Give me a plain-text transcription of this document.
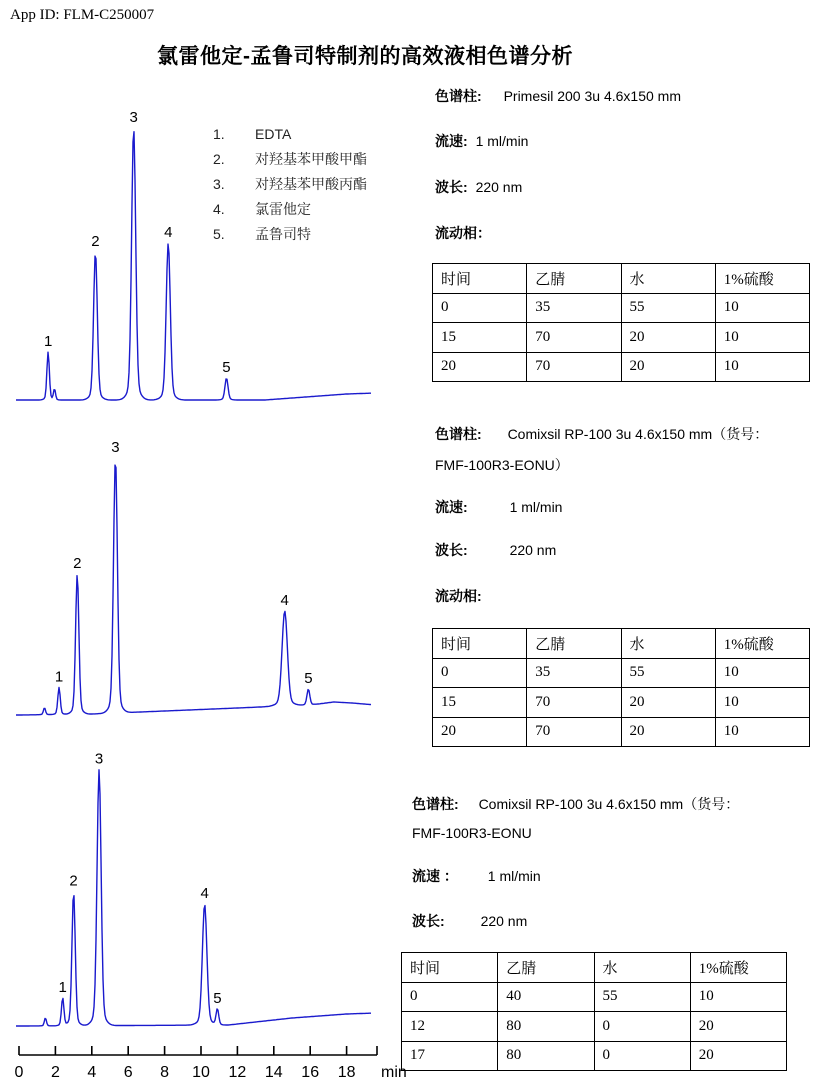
App ID: FLM-C250007
氯雷他定-孟鲁司特制剂的高效液相色谱分析
1.	EDTA
2.	对羟基苯甲酸甲酯
3.	对羟基苯甲酸丙酯
4.	氯雷他定
5.	孟鲁司特
1
2
3
4
5
1
2
3
4
5
1
2
3
4
5
0 2 4 6 8 10 12 14 16 18 min
色谱柱: Primesil 200 3u 4.6x150 mm
流速: 1 ml/min
波长: 220 nm
流动相：
时间	乙腈	水	1%硫酸
0	35	55	10
15	70	20	10
20	70	20	10
色谱柱: Comixsil RP-100 3u 4.6x150 mm（货号：
FMF-100R3-EONU）
流速:	1 ml/min
波长:	220 nm
流动相:
时间	乙腈	水	1%硫酸
0	35	55	10
15	70	20	10
20	70	20	10
色谱柱: Comixsil RP-100 3u 4.6x150 mm（货号：
FMF-100R3-EONU
流速 ： 1 ml/min
波长:	220 nm
时间	乙腈	水	1%硫酸
0	40	55	10
12	80	0	20
17	80	0	20
